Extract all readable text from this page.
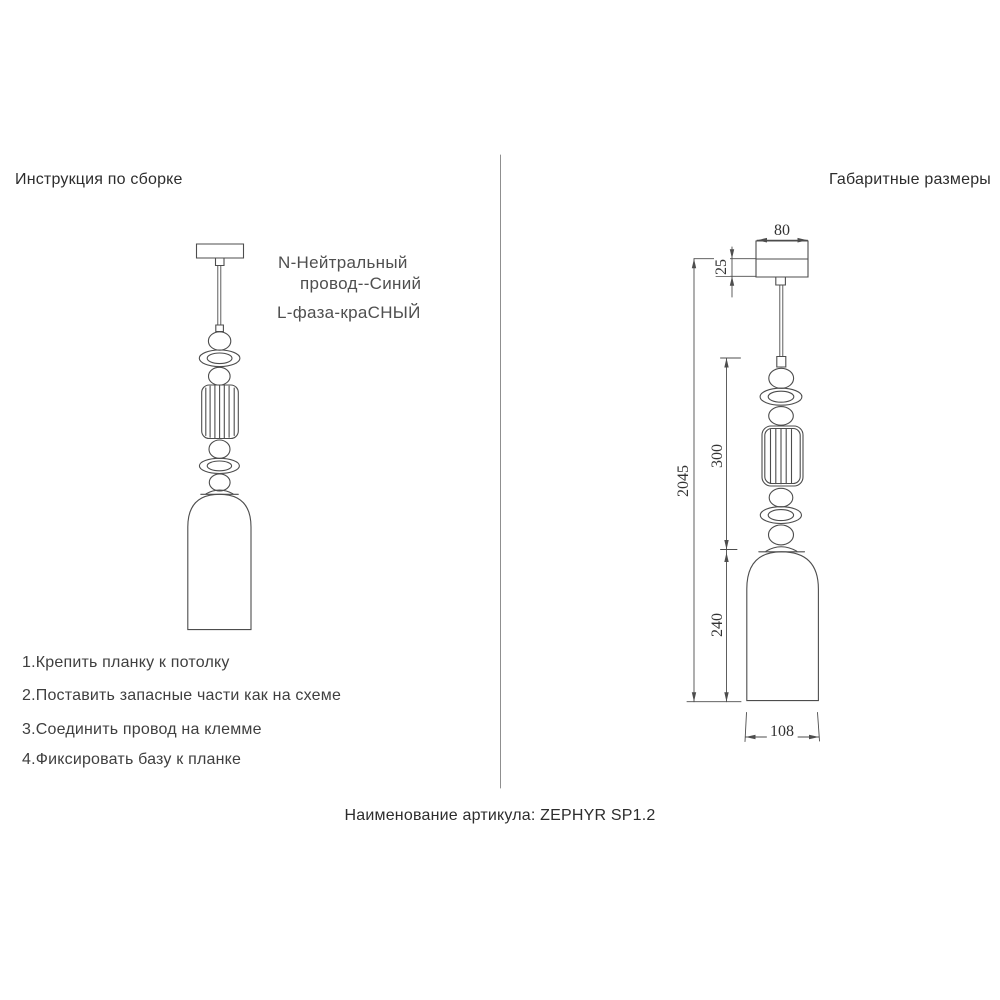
Инструкция по сборке	Габаритные размеры
N-Нейтральный
провод--Синий
L-фаза-краСНЫЙ
1.Крепить планку к потолку
2.Поставить запасные части как на схеме
3.Соединить провод на клемме
4.Фиксировать базу к планке
80
25
2045
300
240
108
Наименование артикула: ZEPHYR SP1.2
